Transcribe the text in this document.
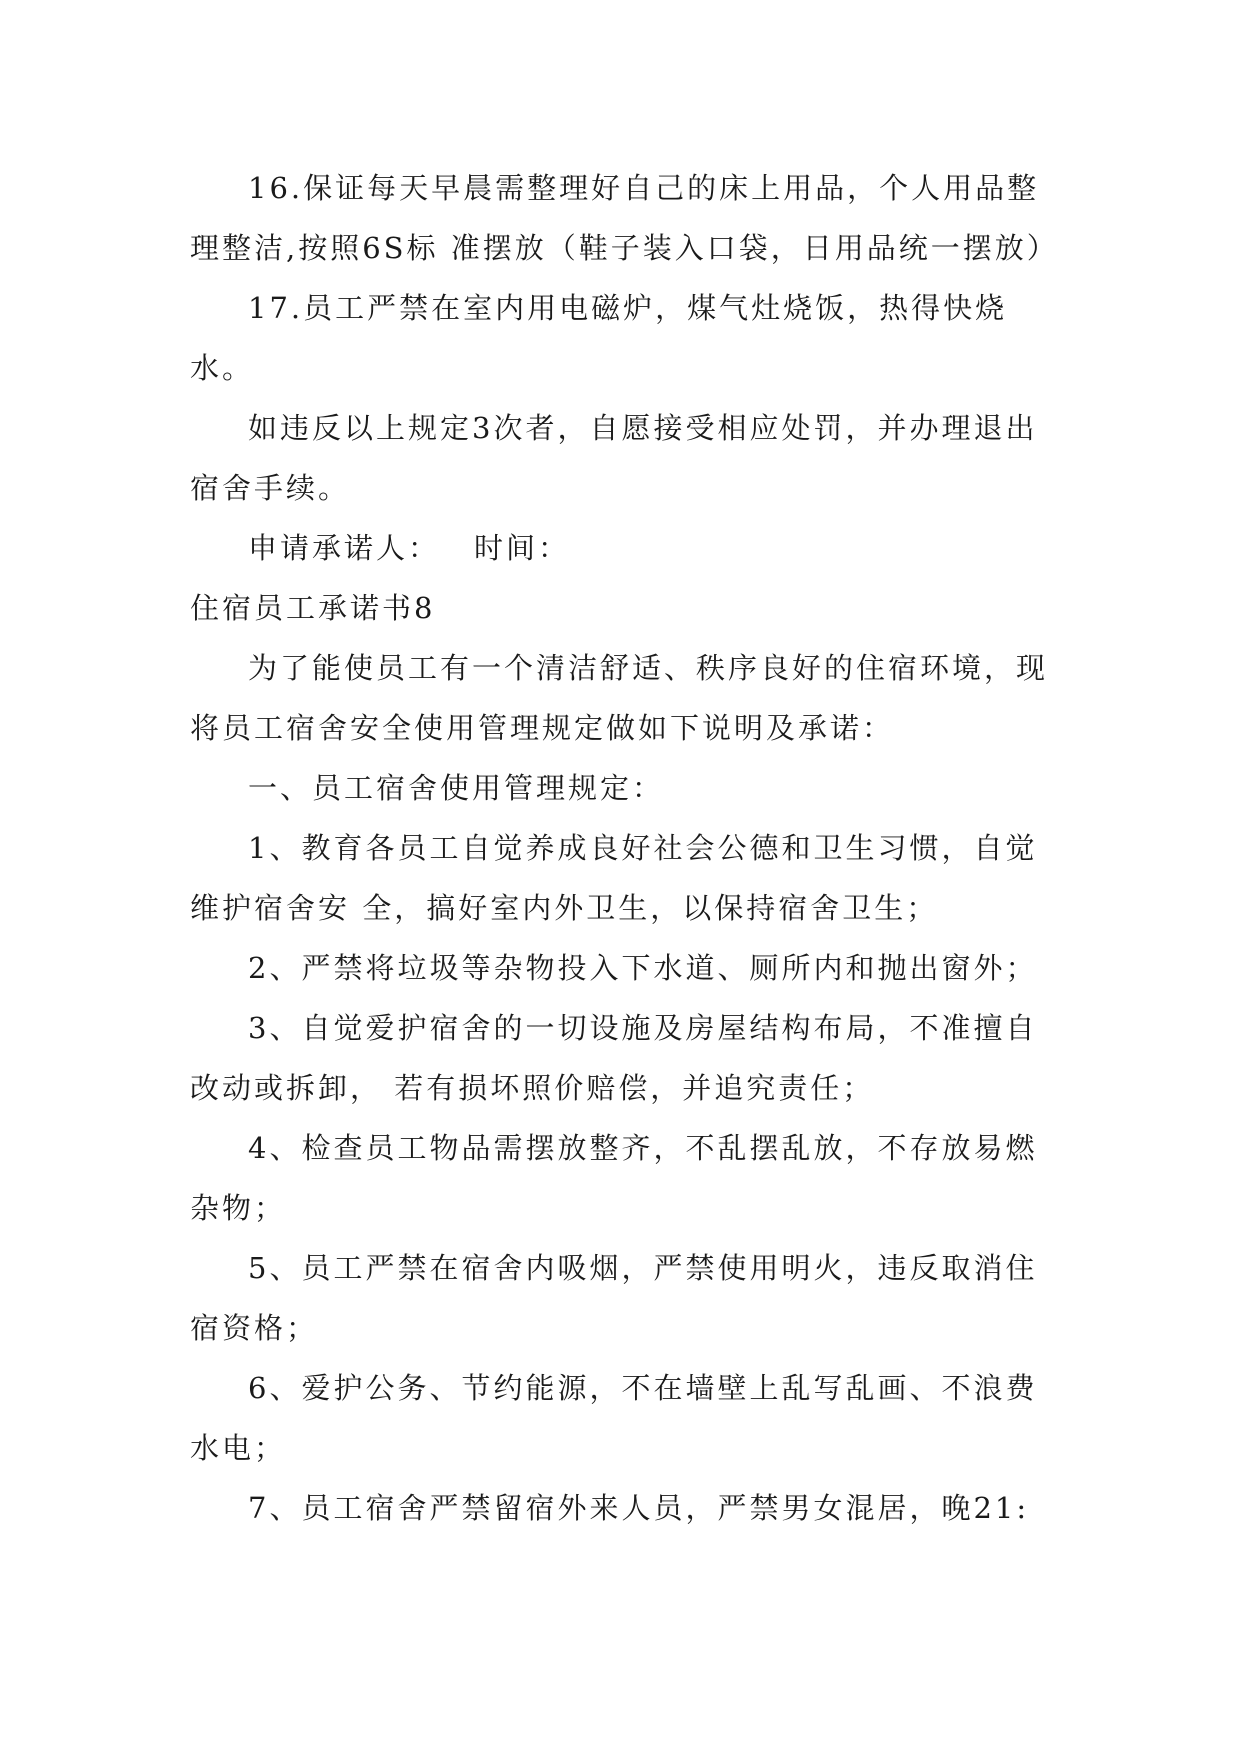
16.保证每天早晨需整理好自己的床上用品，个人用品整理整洁,按照6S标 准摆放（鞋子装入口袋，日用品统一摆放）

17.员工严禁在室内用电磁炉，煤气灶烧饭，热得快烧水。

如违反以上规定3次者，自愿接受相应处罚，并办理退出宿舍手续。

申请承诺人： 时间：

住宿员工承诺书8

为了能使员工有一个清洁舒适、秩序良好的住宿环境，现将员工宿舍安全使用管理规定做如下说明及承诺：

一、员工宿舍使用管理规定：

1、教育各员工自觉养成良好社会公德和卫生习惯，自觉维护宿舍安 全，搞好室内外卫生，以保持宿舍卫生；

2、严禁将垃圾等杂物投入下水道、厕所内和抛出窗外；

3、自觉爱护宿舍的一切设施及房屋结构布局，不准擅自改动或拆卸， 若有损坏照价赔偿，并追究责任；

4、检查员工物品需摆放整齐，不乱摆乱放，不存放易燃杂物；

5、员工严禁在宿舍内吸烟，严禁使用明火，违反取消住宿资格；

6、爱护公务、节约能源，不在墙壁上乱写乱画、不浪费水电；

7、员工宿舍严禁留宿外来人员，严禁男女混居，晚21:
